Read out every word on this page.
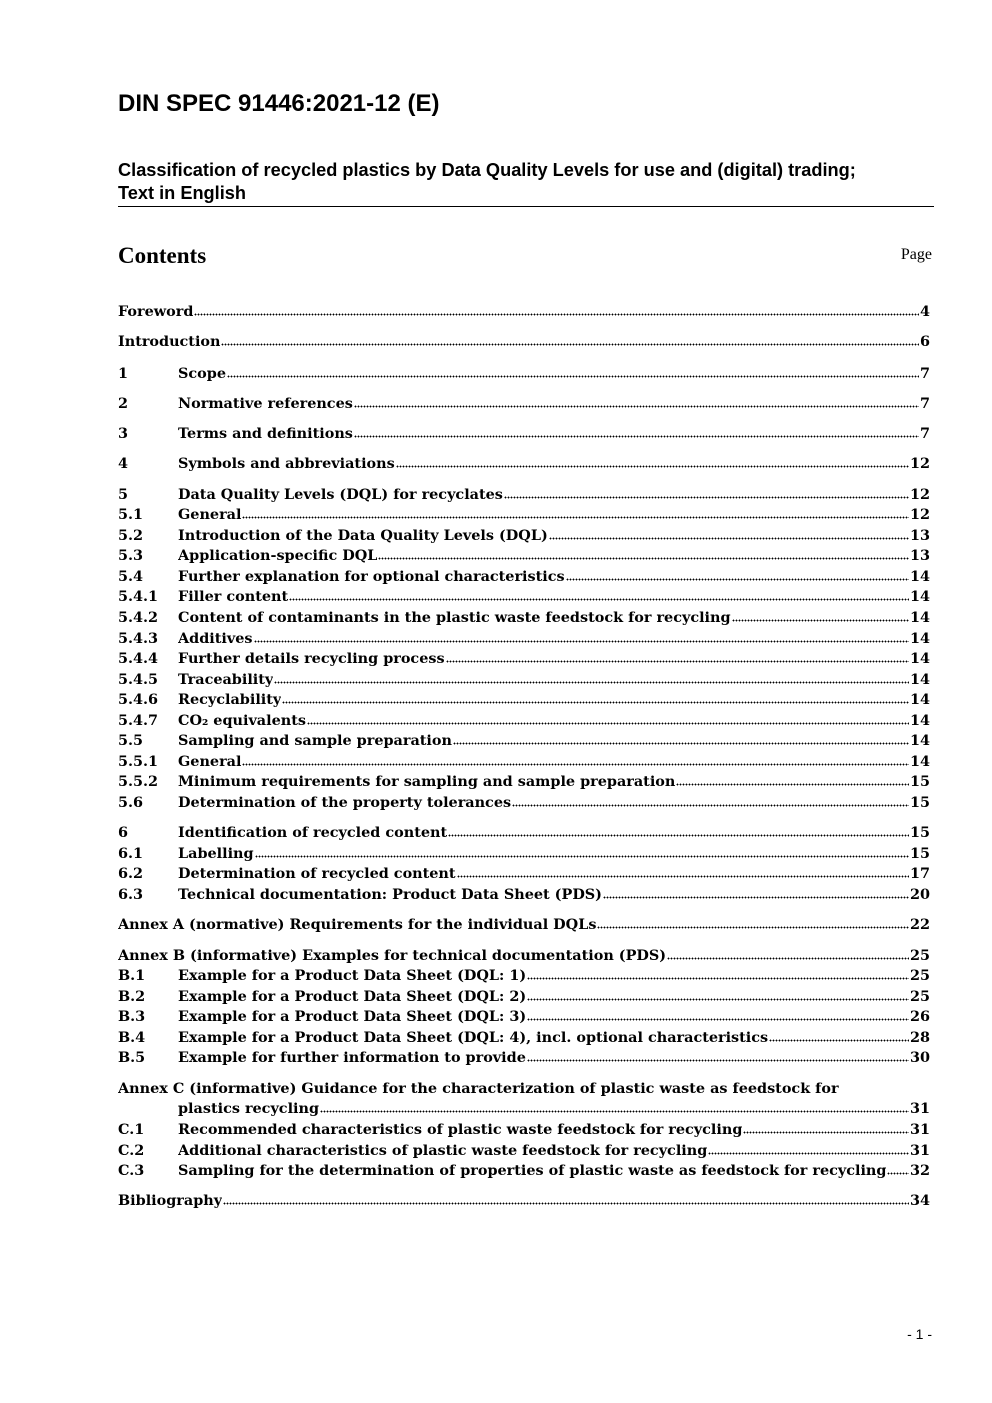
DIN SPEC 91446:2021-12 (E)
Classification of recycled plastics by Data Quality Levels for use and (digital) trading;
Text in English
Contents	Page
Foreword	4
Introduction	6
1	Scope	7
2	Normative references	7
3	Terms and definitions	7
4	Symbols and abbreviations	12
5	Data Quality Levels (DQL) for recyclates	12
5.1	General	12
5.2	Introduction of the Data Quality Levels (DQL)	13
5.3	Application-specific DQL	13
5.4	Further explanation for optional characteristics	14
5.4.1	Filler content	14
5.4.2	Content of contaminants in the plastic waste feedstock for recycling	14
5.4.3	Additives	14
5.4.4	Further details recycling process	14
5.4.5	Traceability	14
5.4.6	Recyclability	14
5.4.7	CO₂ equivalents	14
5.5	Sampling and sample preparation	14
5.5.1	General	14
5.5.2	Minimum requirements for sampling and sample preparation	15
5.6	Determination of the property tolerances	15
6	Identification of recycled content	15
6.1	Labelling	15
6.2	Determination of recycled content	17
6.3	Technical documentation: Product Data Sheet (PDS)	20
Annex A (normative) Requirements for the individual DQLs	22
Annex B (informative) Examples for technical documentation (PDS)	25
B.1	Example for a Product Data Sheet (DQL: 1)	25
B.2	Example for a Product Data Sheet (DQL: 2)	25
B.3	Example for a Product Data Sheet (DQL: 3)	26
B.4	Example for a Product Data Sheet (DQL: 4), incl. optional characteristics	28
B.5	Example for further information to provide	30
Annex C (informative) Guidance for the characterization of plastic waste as feedstock for
plastics recycling	31
C.1	Recommended characteristics of plastic waste feedstock for recycling	31
C.2	Additional characteristics of plastic waste feedstock for recycling	31
C.3	Sampling for the determination of properties of plastic waste as feedstock for recycling 32
Bibliography	34
- 1 -
